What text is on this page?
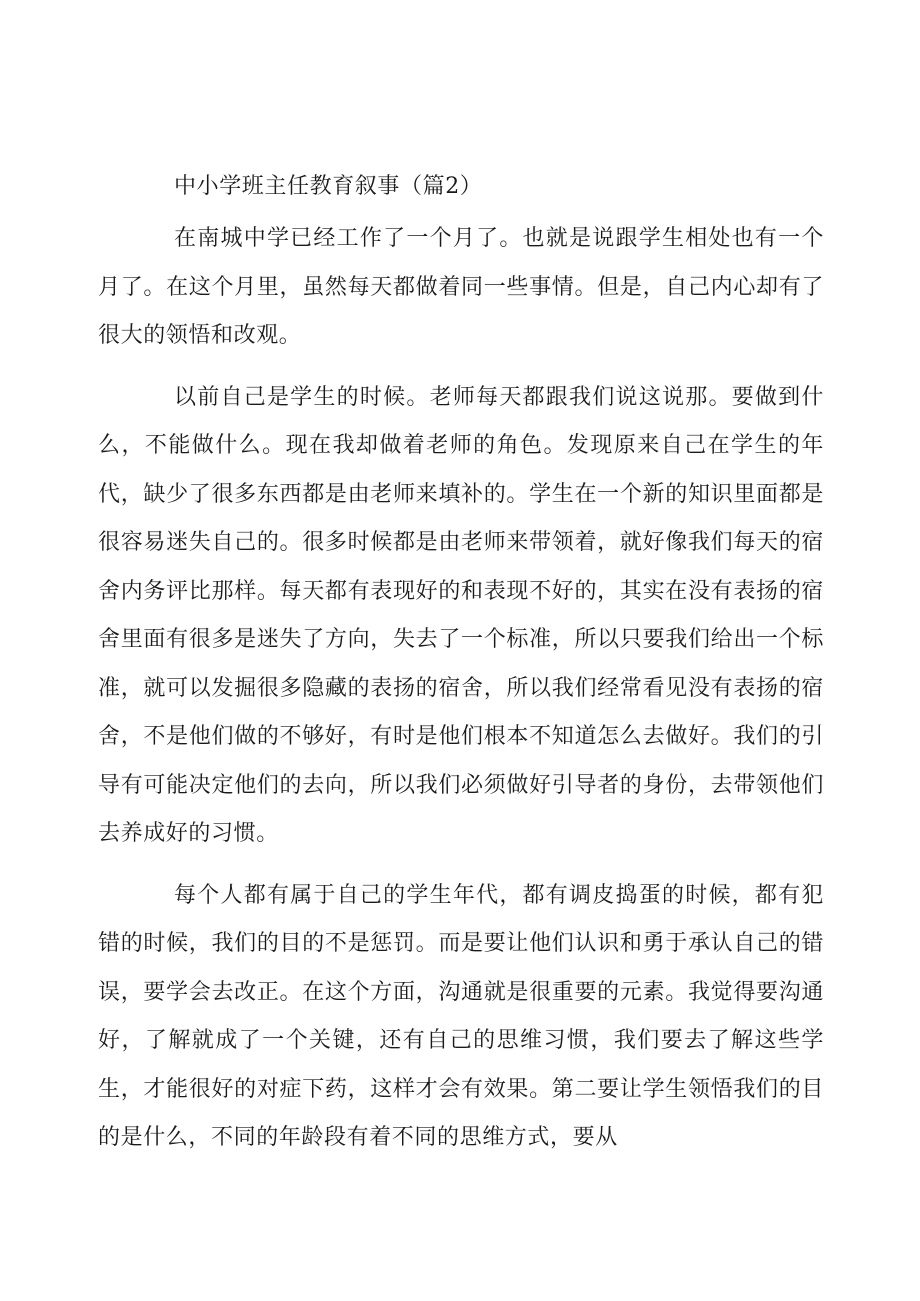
中小学班主任教育叙事（篇2）

在南城中学已经工作了一个月了。也就是说跟学生相处也有一个月了。在这个月里，虽然每天都做着同一些事情。但是，自己内心却有了很大的领悟和改观。

以前自己是学生的时候。老师每天都跟我们说这说那。要做到什么，不能做什么。现在我却做着老师的角色。发现原来自己在学生的年代，缺少了很多东西都是由老师来填补的。学生在一个新的知识里面都是很容易迷失自己的。很多时候都是由老师来带领着，就好像我们每天的宿舍内务评比那样。每天都有表现好的和表现不好的，其实在没有表扬的宿舍里面有很多是迷失了方向，失去了一个标准，所以只要我们给出一个标准，就可以发掘很多隐藏的表扬的宿舍，所以我们经常看见没有表扬的宿舍，不是他们做的不够好，有时是他们根本不知道怎么去做好。我们的引导有可能决定他们的去向，所以我们必须做好引导者的身份，去带领他们去养成好的习惯。

每个人都有属于自己的学生年代，都有调皮捣蛋的时候，都有犯错的时候，我们的目的不是惩罚。而是要让他们认识和勇于承认自己的错误，要学会去改正。在这个方面，沟通就是很重要的元素。我觉得要沟通好，了解就成了一个关键，还有自己的思维习惯，我们要去了解这些学生，才能很好的对症下药，这样才会有效果。第二要让学生领悟我们的目的是什么，不同的年龄段有着不同的思维方式，要从
